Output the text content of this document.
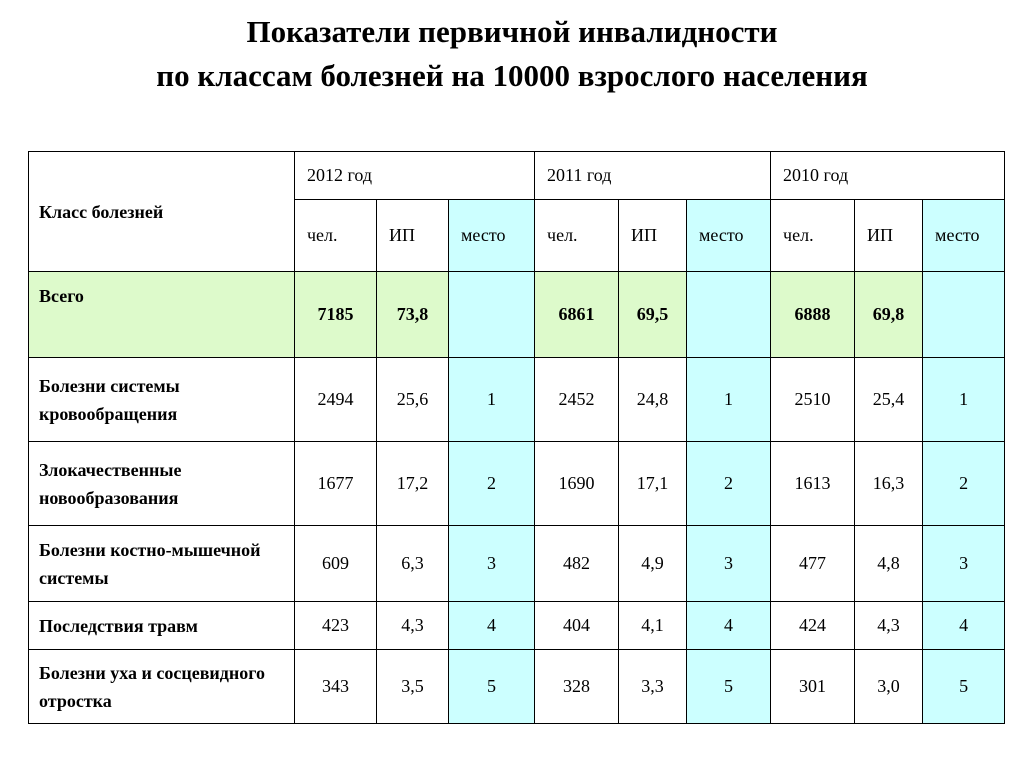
Показатели первичной инвалидности
по классам болезней на 10000 взрослого населения
Класс болезней	2012 год			2011 год			2010 год		
	чел.	ИП	место	чел.	ИП	место	чел.	ИП	место
Всего	7185	73,8		6861	69,5		6888	69,8	
Болезни системы кровообращения	2494	25,6	1	2452	24,8	1	2510	25,4	1
Злокачественные новообразования	1677	17,2	2	1690	17,1	2	1613	16,3	2
Болезни костно-мышечной системы	609	6,3	3	482	4,9	3	477	4,8	3
Последствия травм	423	4,3	4	404	4,1	4	424	4,3	4
Болезни уха и сосцевидного отростка	343	3,5	5	328	3,3	5	301	3,0	5
